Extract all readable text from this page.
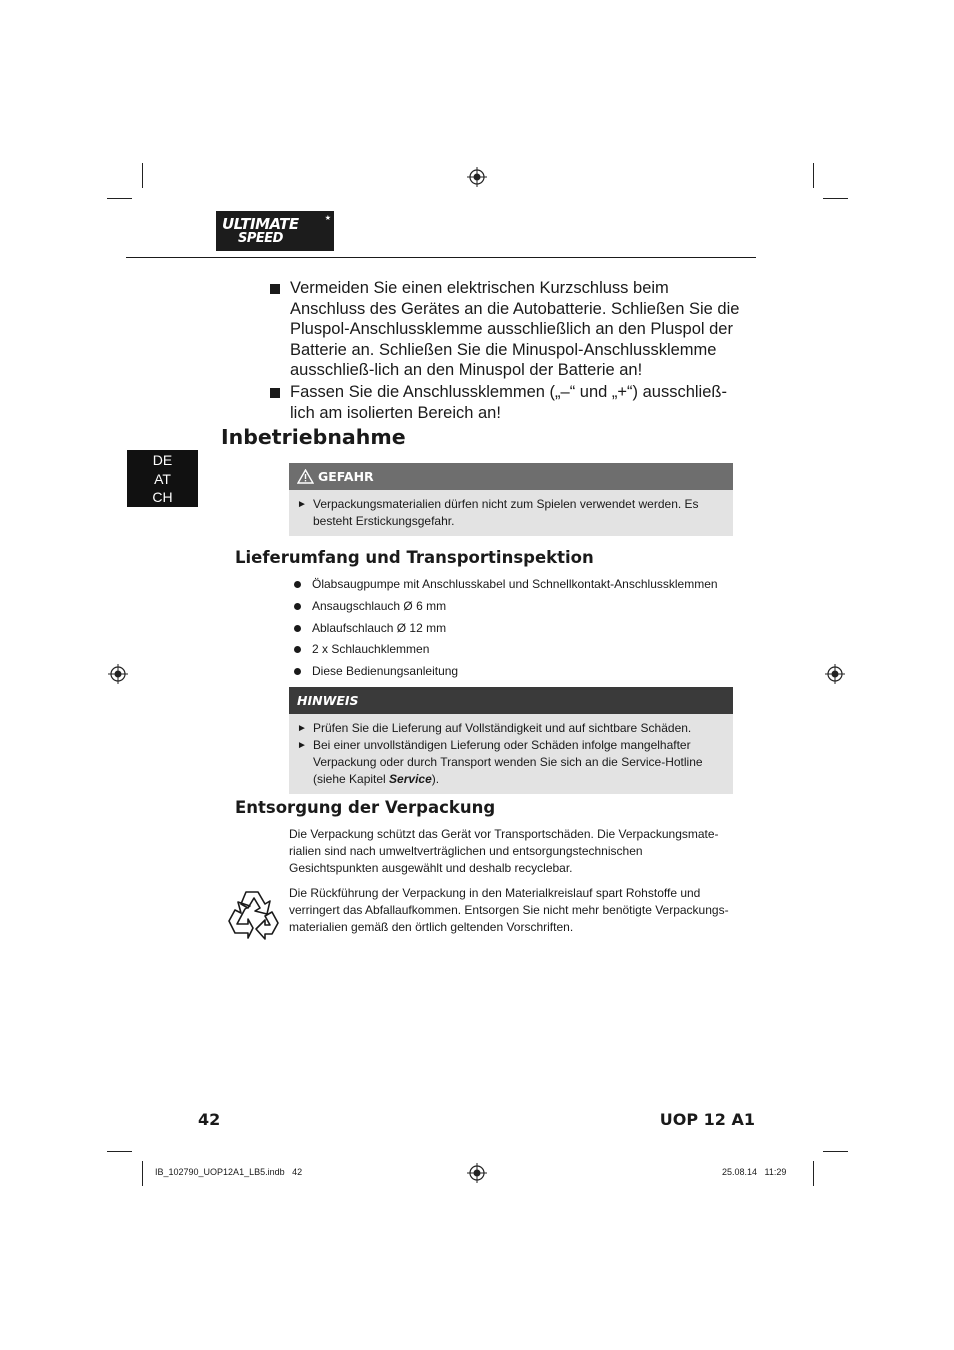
ULTIMATE
SPEED
★
Vermeiden Sie einen elektrischen Kurzschluss beim Anschluss des Gerätes an die Autobatterie. Schließen Sie die Pluspol-Anschlussklemme ausschließlich an den Pluspol der Batterie an. Schließen Sie die Minuspol-Anschlussklemme ausschließ-lich an den Minuspol der Batterie an!
Fassen Sie die Anschlussklemmen („–“ und „+“) ausschließ-lich am isolierten Bereich an!
Inbetriebnahme
DE
AT
CH
GEFAHR
► Verpackungsmaterialien dürfen nicht zum Spielen verwendet werden. Es besteht Erstickungsgefahr.
Lieferumfang und Transportinspektion
Ölabsaugpumpe mit Anschlusskabel und Schnellkontakt-Anschlussklemmen
Ansaugschlauch Ø 6 mm
Ablaufschlauch Ø 12 mm
2 x Schlauchklemmen
Diese Bedienungsanleitung
HINWEIS
► Prüfen Sie die Lieferung auf Vollständigkeit und auf sichtbare Schäden.
► Bei einer unvollständigen Lieferung oder Schäden infolge mangelhafter Verpackung oder durch Transport wenden Sie sich an die Service-Hotline (siehe Kapitel Service).
Entsorgung der Verpackung
Die Verpackung schützt das Gerät vor Transportschäden. Die Verpackungsmate-rialien sind nach umweltverträglichen und entsorgungstechnischen Gesichtspunkten ausgewählt und deshalb recyclebar.
Die Rückführung der Verpackung in den Materialkreislauf spart Rohstoffe und verringert das Abfallaufkommen. Entsorgen Sie nicht mehr benötigte Verpackungs-materialien gemäß den örtlich geltenden Vorschriften.
42	UOP 12 A1
IB_102790_UOP12A1_LB5.indb   42	25.08.14   11:29
